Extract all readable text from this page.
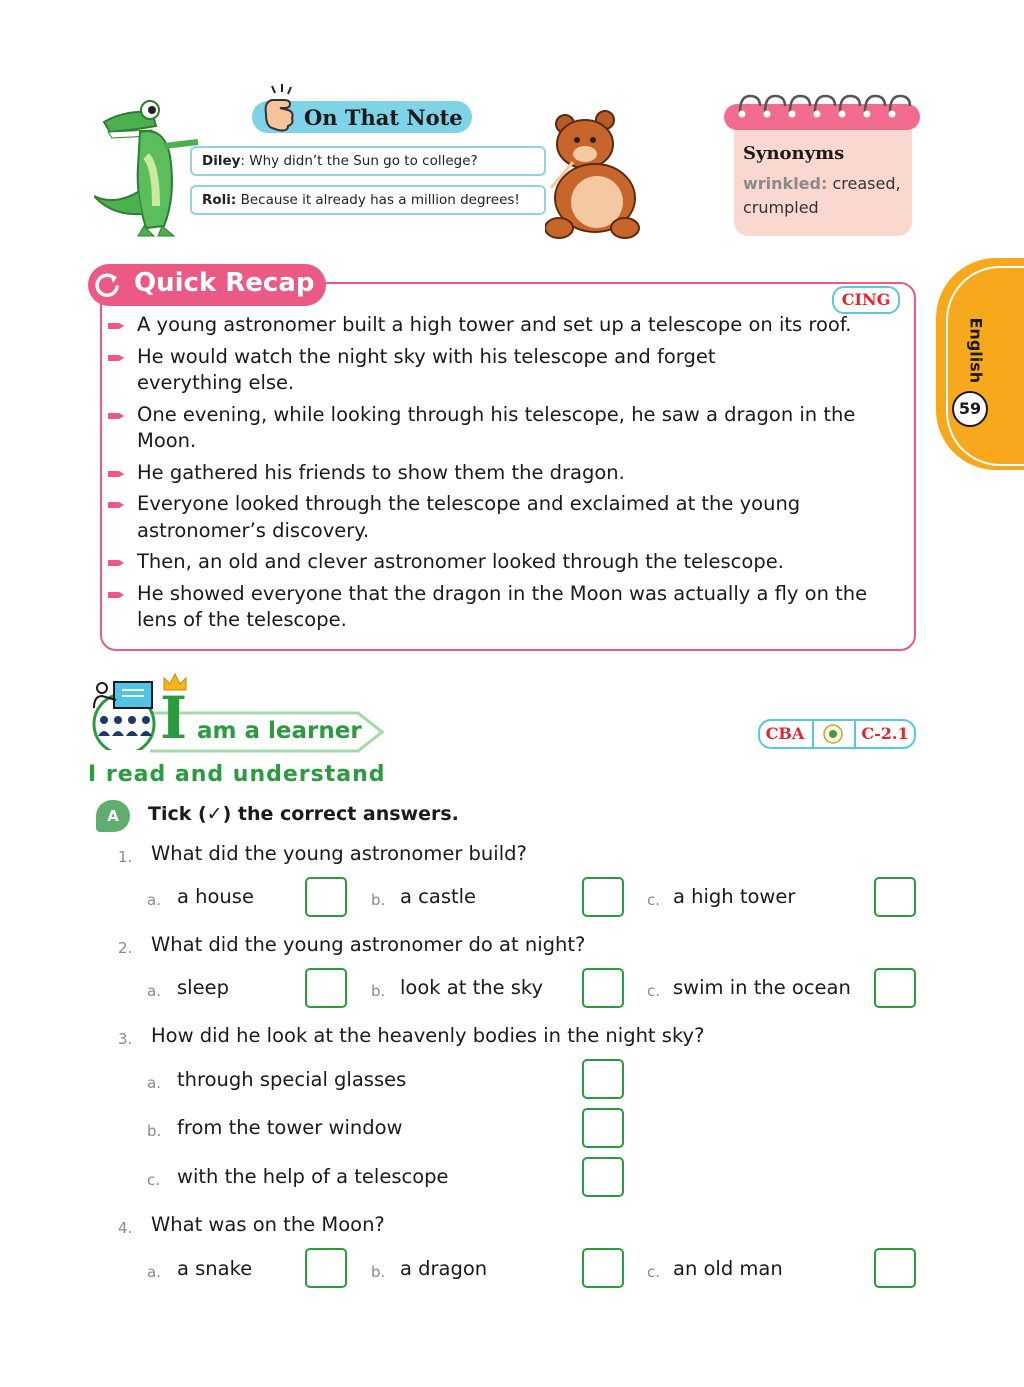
On That Note
Diley: Why didn’t the Sun go to college?
Roli: Because it already has a million degrees!
Synonyms
wrinkled: creased,
crumpled
English
59
Quick Recap
CING
A young astronomer built a high tower and set up a telescope on its roof.
He would watch the night sky with his telescope and forget everything else.
One evening, while looking through his telescope, he saw a dragon in the Moon.
He gathered his friends to show them the dragon.
Everyone looked through the telescope and exclaimed at the young astronomer’s discovery.
Then, an old and clever astronomer looked through the telescope.
He showed everyone that the dragon in the Moon was actually a fly on the lens of the telescope.
I am a learner	CBA	C-2.1
I read and understand
A	Tick (✓) the correct answers.
1. What did the young astronomer build?
a. a house	b. a castle	c. a high tower
2. What did the young astronomer do at night?
a. sleep	b. look at the sky	c. swim in the ocean
3. How did he look at the heavenly bodies in the night sky?
a. through special glasses
b. from the tower window
c. with the help of a telescope
4. What was on the Moon?
a. a snake	b. a dragon	c. an old man
